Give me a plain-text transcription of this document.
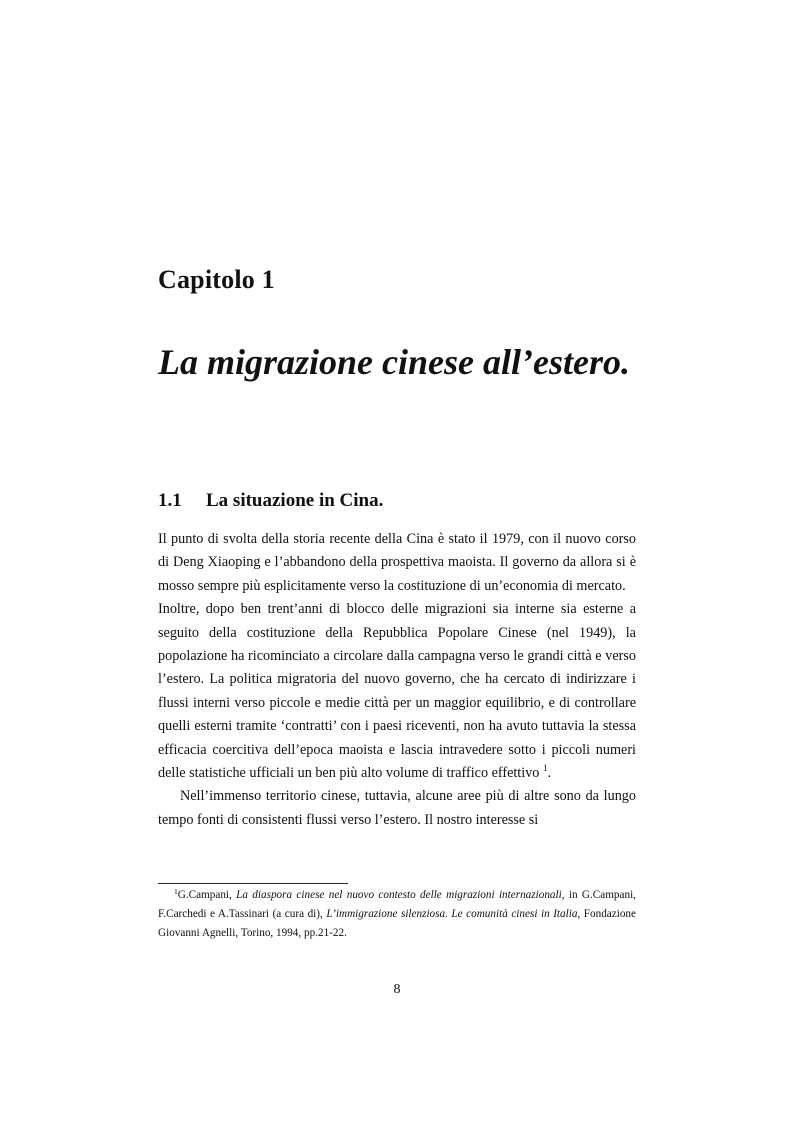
Capitolo 1
La migrazione cinese all’estero.
1.1 La situazione in Cina.

Il punto di svolta della storia recente della Cina è stato il 1979, con il nuovo corso di Deng Xiaoping e l’abbandono della prospettiva maoista. Il governo da allora si è mosso sempre più esplicitamente verso la costituzione di un’economia di mercato.

Inoltre, dopo ben trent’anni di blocco delle migrazioni sia interne sia esterne a seguito della costituzione della Repubblica Popolare Cinese (nel 1949), la popolazione ha ricominciato a circolare dalla campagna verso le grandi città e verso l’estero. La politica migratoria del nuovo governo, che ha cercato di indirizzare i flussi interni verso piccole e medie città per un maggior equilibrio, e di controllare quelli esterni tramite ‘contratti’ con i paesi riceventi, non ha avuto tuttavia la stessa efficacia coercitiva dell’epoca maoista e lascia intravedere sotto i piccoli numeri delle statistiche ufficiali un ben più alto volume di traffico effettivo $^1$.

Nell’immenso territorio cinese, tuttavia, alcune aree più di altre sono da lungo tempo fonti di consistenti flussi verso l’estero. Il nostro interesse si

$^1$G.Campani, La diaspora cinese nel nuovo contesto delle migrazioni internazionali, in G.Campani, F.Carchedi e A.Tassinari (a cura di), L’immigrazione silenziosa. Le comunità cinesi in Italia, Fondazione Giovanni Agnelli, Torino, 1994, pp.21-22.
8
